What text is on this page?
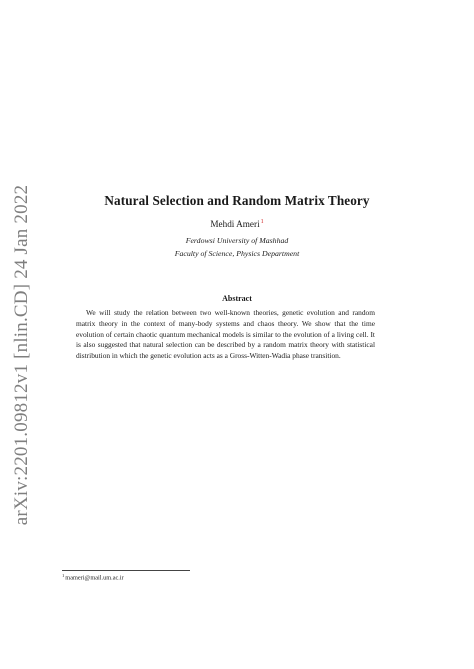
arXiv:2201.09812v1 [nlin.CD] 24 Jan 2022	Natural Selection and Random Matrix Theory
Mehdi Ameri$^1$
Ferdowsi University of Mashhad
Faculty of Science, Physics Department
Abstract
We will study the relation between two well-known theories, genetic evolution and random matrix theory in the context of many-body systems and chaos theory. We show that the time evolution of certain chaotic quantum mechanical models is similar to the evolution of a living cell. It is also suggested that natural selection can be described by a random matrix theory with statistical distribution in which the genetic evolution acts as a Gross-Witten-Wadia phase transition.
$^1$mameri@mail.um.ac.ir
